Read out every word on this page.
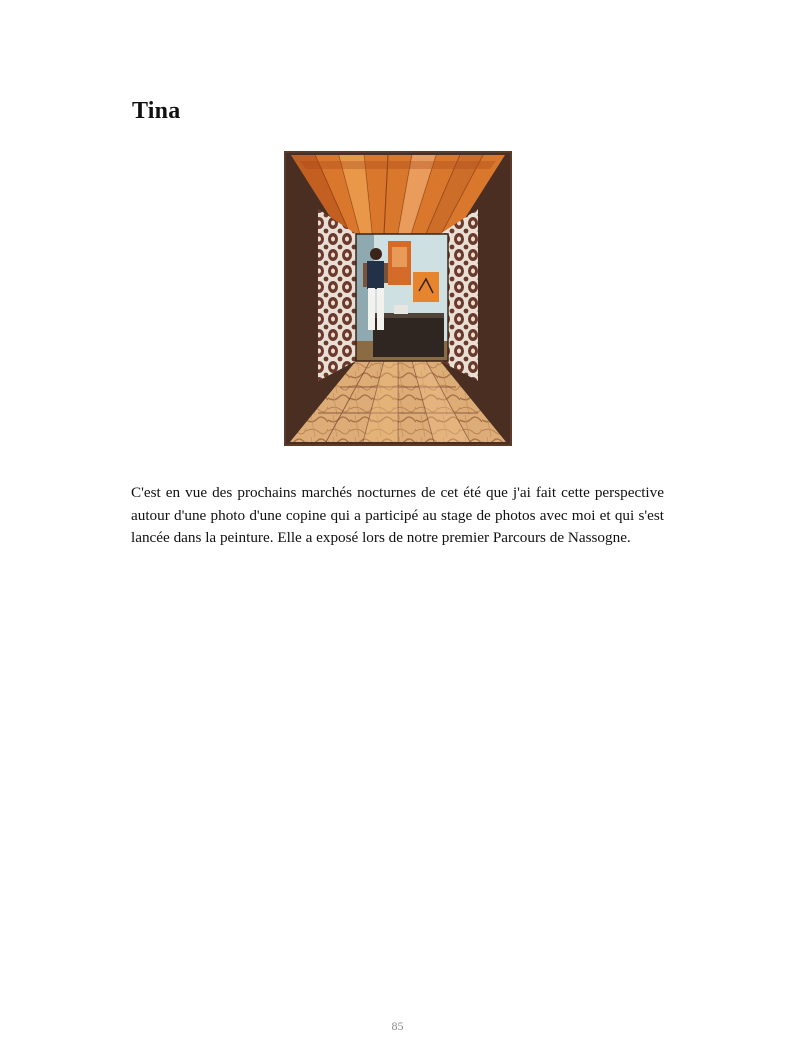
Tina

C'est en vue des prochains marchés nocturnes de cet été que j'ai fait cette perspective autour d'une photo d'une copine qui a participé au stage de photos avec moi et qui s'est lancée dans la peinture. Elle a exposé lors de notre premier Parcours de Nassogne.

85
